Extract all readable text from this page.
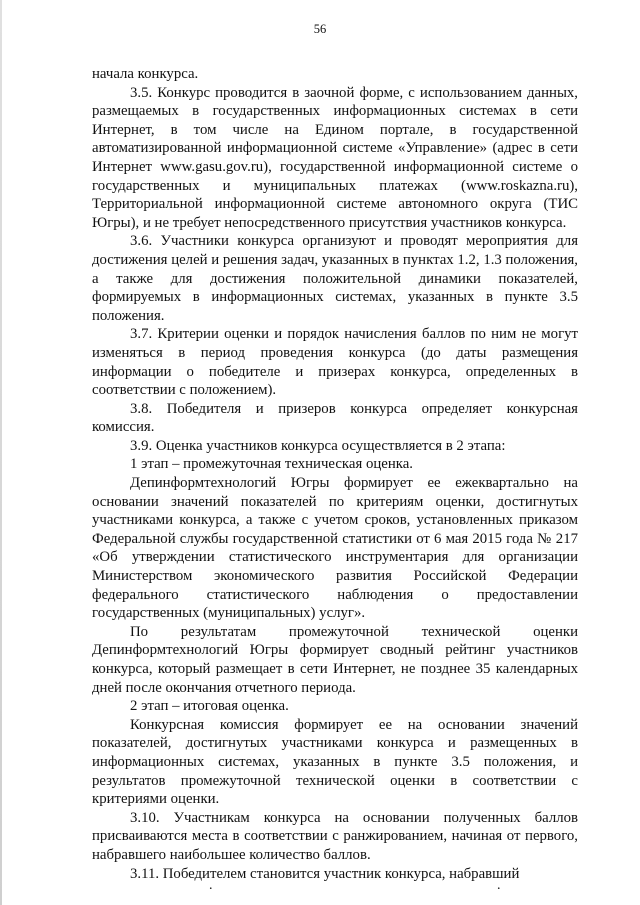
56

начала конкурса.

3.5. Конкурс проводится в заочной форме, с использованием данных, размещаемых в государственных информационных системах в сети Интернет, в том числе на Едином портале, в государственной автоматизированной информационной системе «Управление» (адрес в сети Интернет www.gasu.gov.ru), государственной информационной системе о государственных и муниципальных платежах (www.roskazna.ru), Территориальной информационной системе автономного округа (ТИС Югры), и не требует непосредственного присутствия участников конкурса.

3.6. Участники конкурса организуют и проводят мероприятия для достижения целей и решения задач, указанных в пунктах 1.2, 1.3 положения, а также для достижения положительной динамики показателей, формируемых в информационных системах, указанных в пункте 3.5 положения.

3.7. Критерии оценки и порядок начисления баллов по ним не могут изменяться в период проведения конкурса (до даты размещения информации о победителе и призерах конкурса, определенных в соответствии с положением).

3.8. Победителя и призеров конкурса определяет конкурсная комиссия.

3.9. Оценка участников конкурса осуществляется в 2 этапа:

1 этап – промежуточная техническая оценка.

Депинформтехнологий Югры формирует ее ежеквартально на основании значений показателей по критериям оценки, достигнутых участниками конкурса, а также с учетом сроков, установленных приказом Федеральной службы государственной статистики от 6 мая 2015 года № 217 «Об утверждении статистического инструментария для организации Министерством экономического развития Российской Федерации федерального статистического наблюдения о предоставлении государственных (муниципальных) услуг».

По результатам промежуточной технической оценки Депинформтехнологий Югры формирует сводный рейтинг участников конкурса, который размещает в сети Интернет, не позднее 35 календарных дней после окончания отчетного периода.

2 этап – итоговая оценка.

Конкурсная комиссия формирует ее на основании значений показателей, достигнутых участниками конкурса и размещенных в информационных системах, указанных в пункте 3.5 положения, и результатов промежуточной технической оценки в соответствии с критериями оценки.

3.10. Участникам конкурса на основании полученных баллов присваиваются места в соответствии с ранжированием, начиная от первого, набравшего наибольшее количество баллов.

3.11. Победителем становится участник конкурса, набравший

.	.
